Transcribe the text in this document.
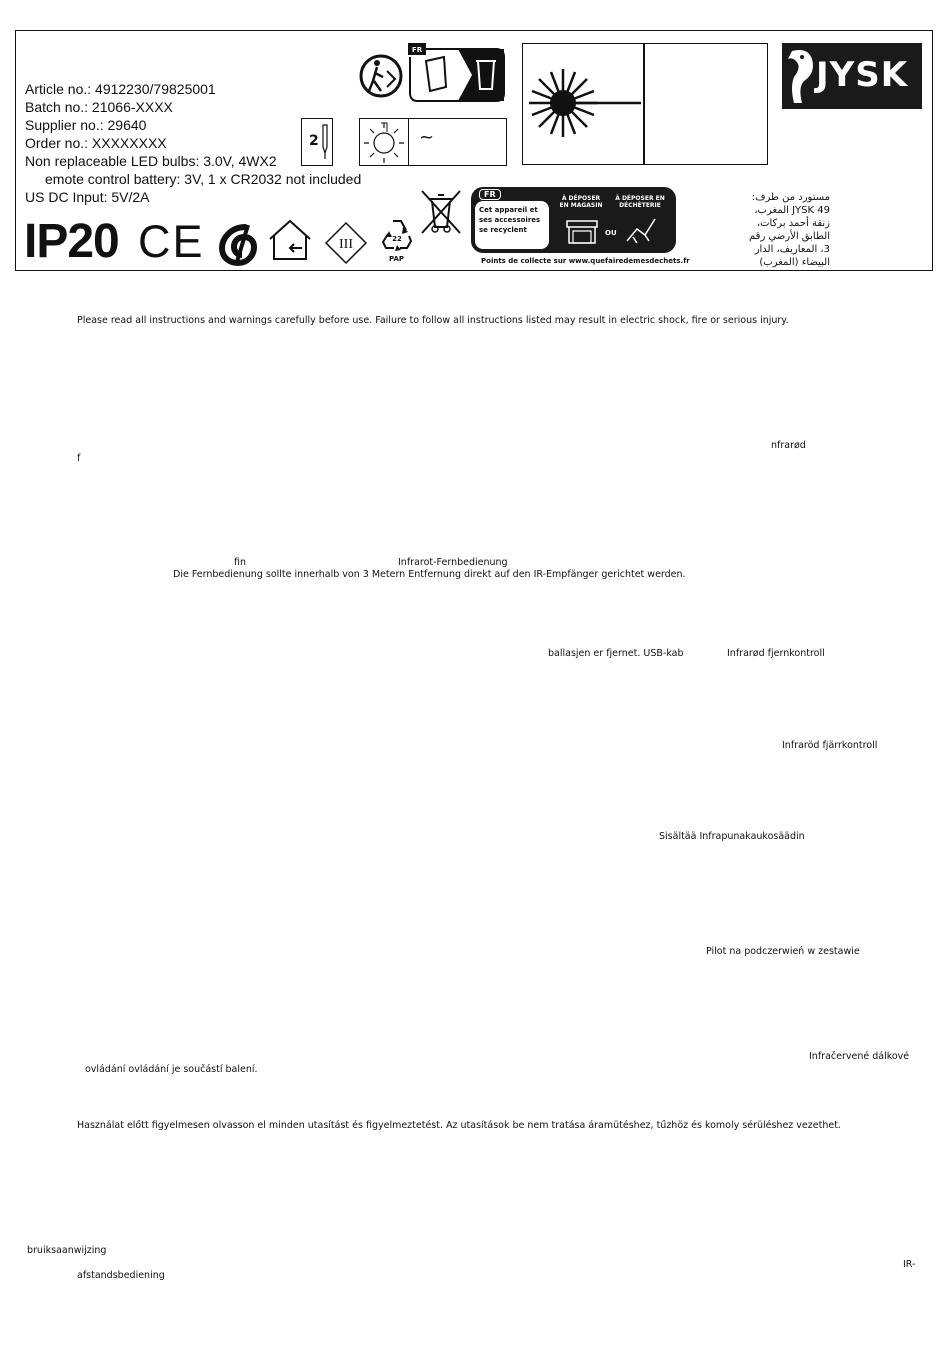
Article no.: 4912230/79825001
Batch no.: 21066-XXXX
Supplier no.: 29640
Order no.: XXXXXXXX
Non replaceable LED bulbs: 3.0V, 4WX2
emote control battery: 3V, 1 x CR2032 not included
US DC Input: 5V/2A
IP20 CE	III	22
PAP
FR
Cet appareil et ses accessoires se recyclent
À DÉPOSER EN MAGASIN
À DÉPOSER EN DÉCHÈTERIE
OU
Points de collecte sur www.quefairedemesdechets.fr
FR
2	~
JYSK
مستورد من طرف: 49 JYSK المغرب، زنقة أحمد بركات، الطابق الأرضي رقم 3، المعاريف، الدار البيضاء (المغرب)
Please read all instructions and warnings carefully before use. Failure to follow all instructions listed may result in electric shock, fire or serious injury.
nfrarød
f
fin	Infrarot-Fernbedienung
Die Fernbedienung sollte innerhalb von 3 Metern Entfernung direkt auf den IR-Empfänger gerichtet werden.
ballasjen er fjernet. USB-kab	Infrarød fjernkontroll
Infraröd fjärrkontroll
Sisältää Infrapunakaukosäädin
Pilot na podczerwień w zestawie
Infračervené dálkové
ovládání ovládání je součástí balení.
Használat előtt figyelmesen olvasson el minden utasítást és figyelmeztetést. Az utasítások be nem tratása áramütéshez, tűzhöz és komoly sérüléshez vezethet.
bruiksaanwijzing
IR-
afstandsbediening
